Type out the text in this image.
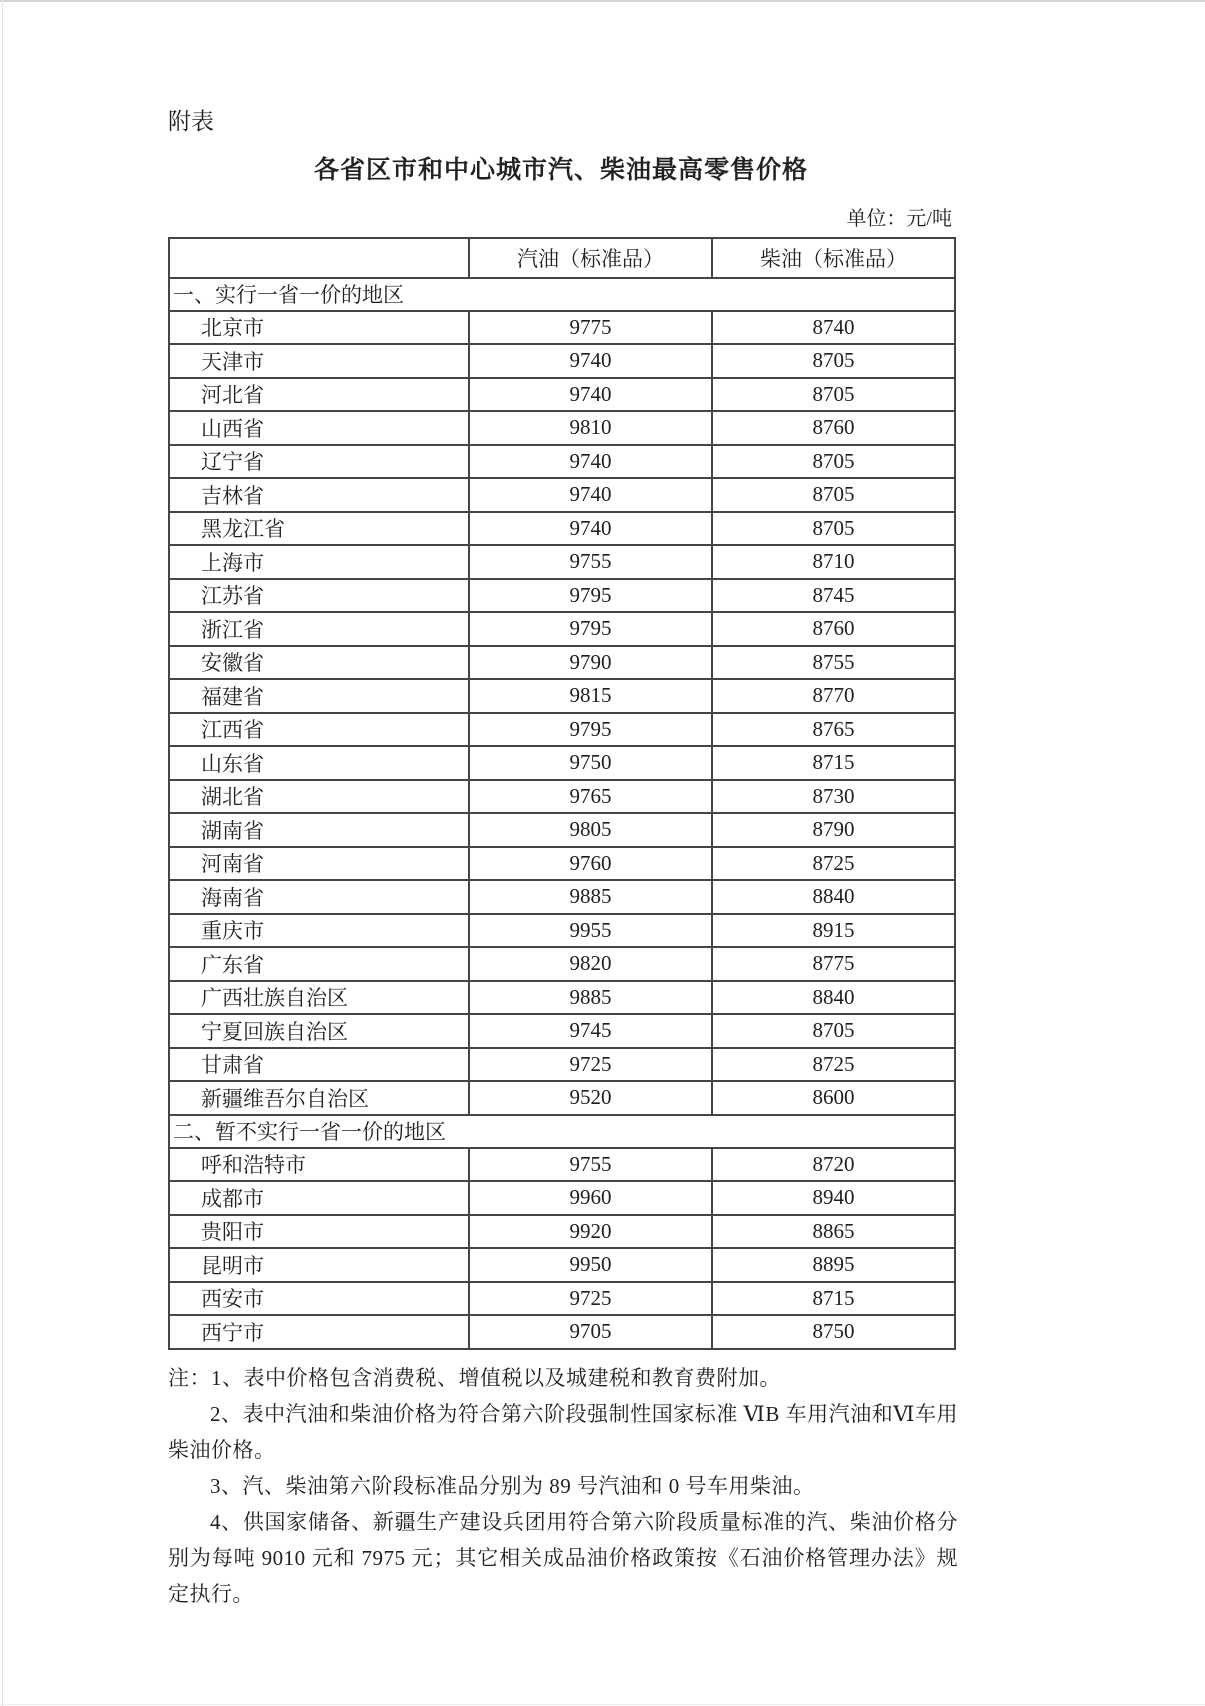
附表
各省区市和中心城市汽、柴油最高零售价格
单位：元/吨
	汽油（标准品）	柴油（标准品）
一、实行一省一价的地区		
北京市	9775	8740
天津市	9740	8705
河北省	9740	8705
山西省	9810	8760
辽宁省	9740	8705
吉林省	9740	8705
黑龙江省	9740	8705
上海市	9755	8710
江苏省	9795	8745
浙江省	9795	8760
安徽省	9790	8755
福建省	9815	8770
江西省	9795	8765
山东省	9750	8715
湖北省	9765	8730
湖南省	9805	8790
河南省	9760	8725
海南省	9885	8840
重庆市	9955	8915
广东省	9820	8775
广西壮族自治区	9885	8840
宁夏回族自治区	9745	8705
甘肃省	9725	8725
新疆维吾尔自治区	9520	8600
二、暂不实行一省一价的地区		
呼和浩特市	9755	8720
成都市	9960	8940
贵阳市	9920	8865
昆明市	9950	8895
西安市	9725	8715
西宁市	9705	8750

注：1、表中价格包含消费税、增值税以及城建税和教育费附加。

2、表中汽油和柴油价格为符合第六阶段强制性国家标准 ⅥB 车用汽油和Ⅵ车用柴油价格。

3、汽、柴油第六阶段标准品分别为 89 号汽油和 0 号车用柴油。

4、供国家储备、新疆生产建设兵团用符合第六阶段质量标准的汽、柴油价格分别为每吨 9010 元和 7975 元；其它相关成品油价格政策按《石油价格管理办法》规定执行。
